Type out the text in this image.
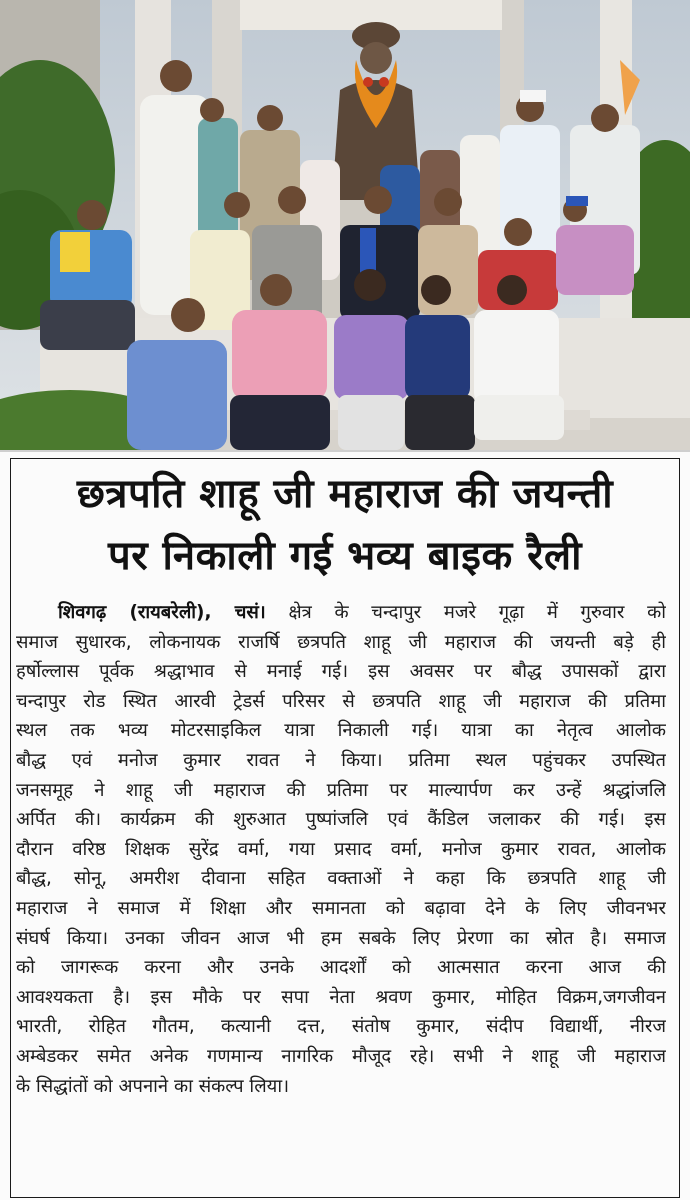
छत्रपति शाहू जी महाराज की जयन्ती
पर निकाली गई भव्य बाइक रैली
शिवगढ़ (रायबरेली), चसं। क्षेत्र के चन्दापुर मजरे गूढ़ा में गुरुवार को
समाज सुधारक, लोकनायक राजर्षि छत्रपति शाहू जी महाराज की जयन्ती बड़े ही
हर्षोल्लास पूर्वक श्रद्धाभाव से मनाई गई। इस अवसर पर बौद्ध उपासकों द्वारा
चन्दापुर रोड स्थित आरवी ट्रेडर्स परिसर से छत्रपति शाहू जी महाराज की प्रतिमा
स्थल तक भव्य मोटरसाइकिल यात्रा निकाली गई। यात्रा का नेतृत्व आलोक
बौद्ध एवं मनोज कुमार रावत ने किया। प्रतिमा स्थल पहुंचकर उपस्थित
जनसमूह ने शाहू जी महाराज की प्रतिमा पर माल्यार्पण कर उन्हें श्रद्धांजलि
अर्पित की। कार्यक्रम की शुरुआत पुष्पांजलि एवं कैंडिल जलाकर की गई। इस
दौरान वरिष्ठ शिक्षक सुरेंद्र वर्मा, गया प्रसाद वर्मा, मनोज कुमार रावत, आलोक
बौद्ध, सोनू, अमरीश दीवाना सहित वक्ताओं ने कहा कि छत्रपति शाहू जी
महाराज ने समाज में शिक्षा और समानता को बढ़ावा देने के लिए जीवनभर
संघर्ष किया। उनका जीवन आज भी हम सबके लिए प्रेरणा का स्रोत है। समाज
को जागरूक करना और उनके आदर्शों को आत्मसात करना आज की
आवश्यकता है। इस मौके पर सपा नेता श्रवण कुमार, मोहित विक्रम,जगजीवन
भारती, रोहित गौतम, कत्यानी दत्त, संतोष कुमार, संदीप विद्यार्थी, नीरज
अम्बेडकर समेत अनेक गणमान्य नागरिक मौजूद रहे। सभी ने शाहू जी महाराज
के सिद्धांतों को अपनाने का संकल्प लिया।
